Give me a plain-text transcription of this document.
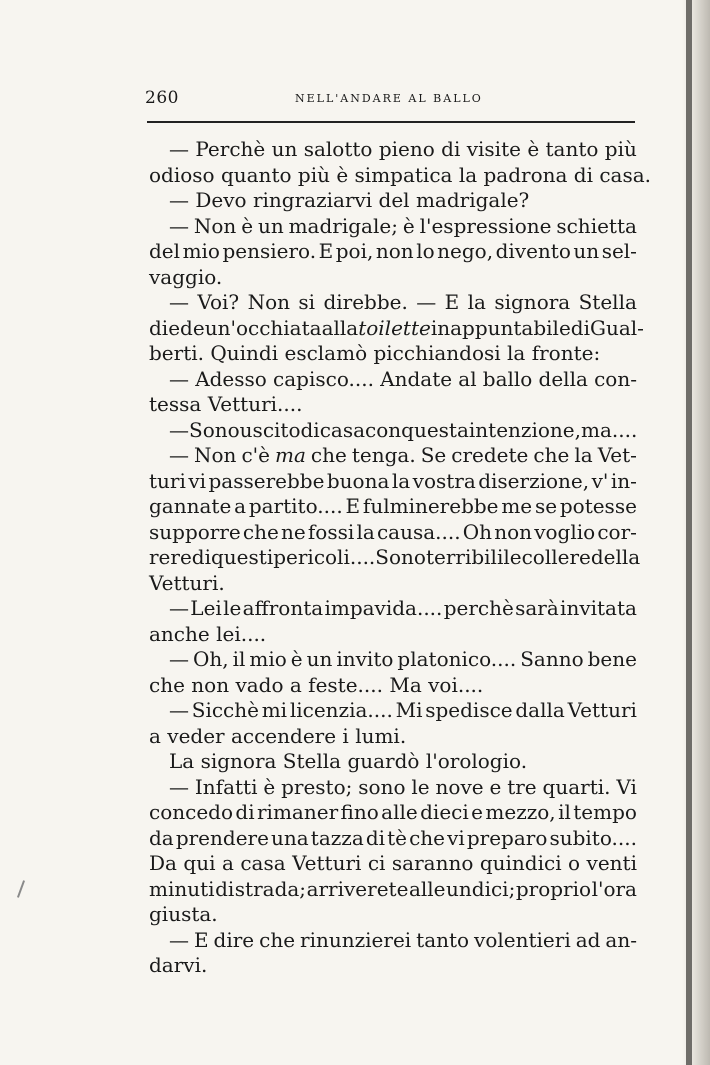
260	NELL'ANDARE AL BALLO
— Perchè un salotto pieno di visite è tanto più
odioso quanto più è simpatica la padrona di casa.
— Devo ringraziarvi del madrigale?
— Non è un madrigale; è l'espressione schietta
del mio pensiero. E poi, non lo nego, divento un sel-
vaggio.
— Voi? Non si direbbe. — E la signora Stella
diede un'occhiata alla toilette inappuntabile di Gual-
berti. Quindi esclamò picchiandosi la fronte:
— Adesso capisco.... Andate al ballo della con-
tessa Vetturi....
— Sono uscito di casa con questa intenzione, ma....
— Non c'è ma che tenga. Se credete che la Vet-
turi vi passerebbe buona la vostra diserzione, v' in-
gannate a partito.... E fulminerebbe me se potesse
supporre che ne fossi la causa.... Oh non voglio cor-
rere di questi pericoli.... Sono terribili le collere della
Vetturi.
— Lei le affronta impavida.... perchè sarà invitata
anche lei....
— Oh, il mio è un invito platonico.... Sanno bene
che non vado a feste.... Ma voi....
— Sicchè mi licenzia.... Mi spedisce dalla Vetturi
a veder accendere i lumi.
La signora Stella guardò l'orologio.
— Infatti è presto; sono le nove e tre quarti. Vi
concedo di rimaner fino alle dieci e mezzo, il tempo
da prendere una tazza di tè che vi preparo subito....
Da qui a casa Vetturi ci saranno quindici o venti
minuti di strada; arriverete alle undici; proprio l'ora
giusta.
— E dire che rinunzierei tanto volentieri ad an-
darvi.
